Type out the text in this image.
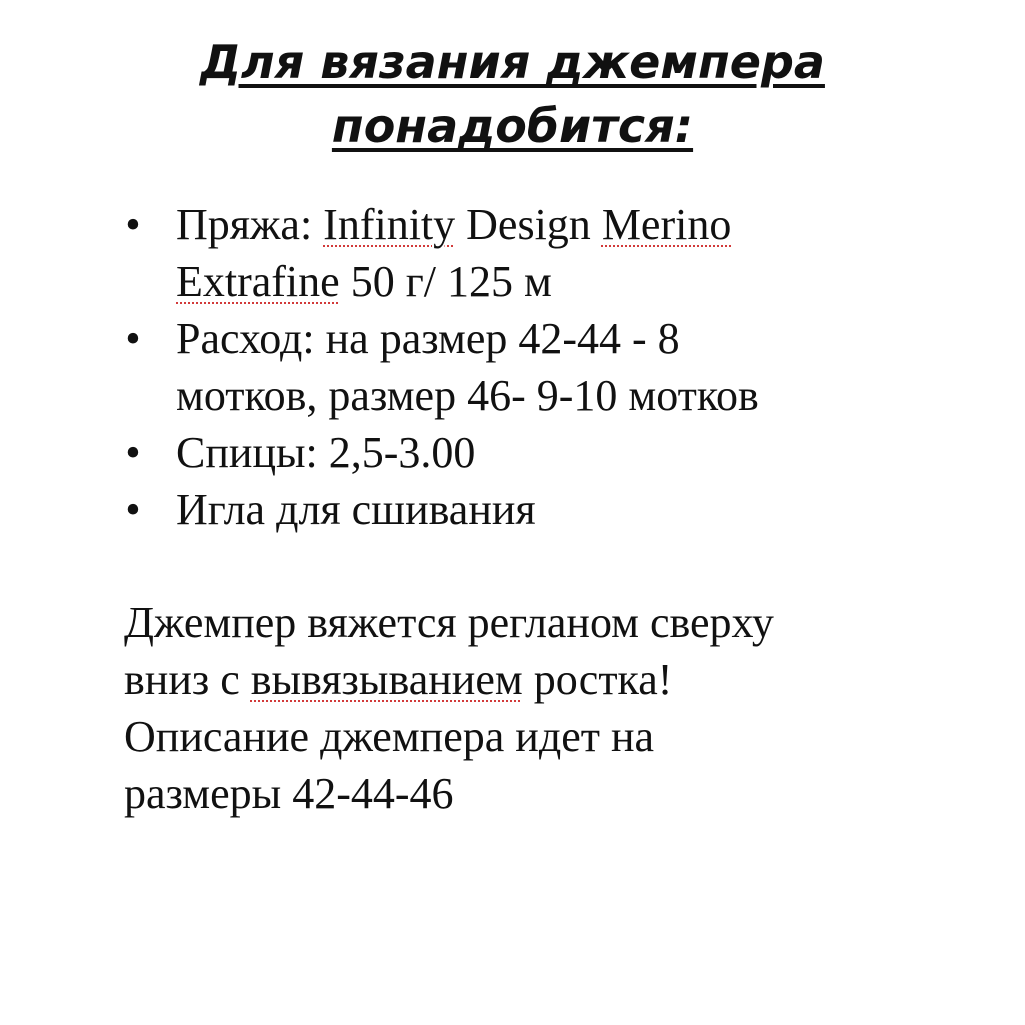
Для вязания джемпера
понадобится:
• Пряжа: Infinity Design Merino
Extrafine 50 г/ 125 м
• Расход: на размер 42-44 - 8
мотков, размер 46- 9-10 мотков
• Спицы: 2,5-3.00
• Игла для сшивания

Джемпер вяжется регланом сверху
вниз с вывязыванием ростка!
Описание джемпера идет на
размеры 42-44-46
